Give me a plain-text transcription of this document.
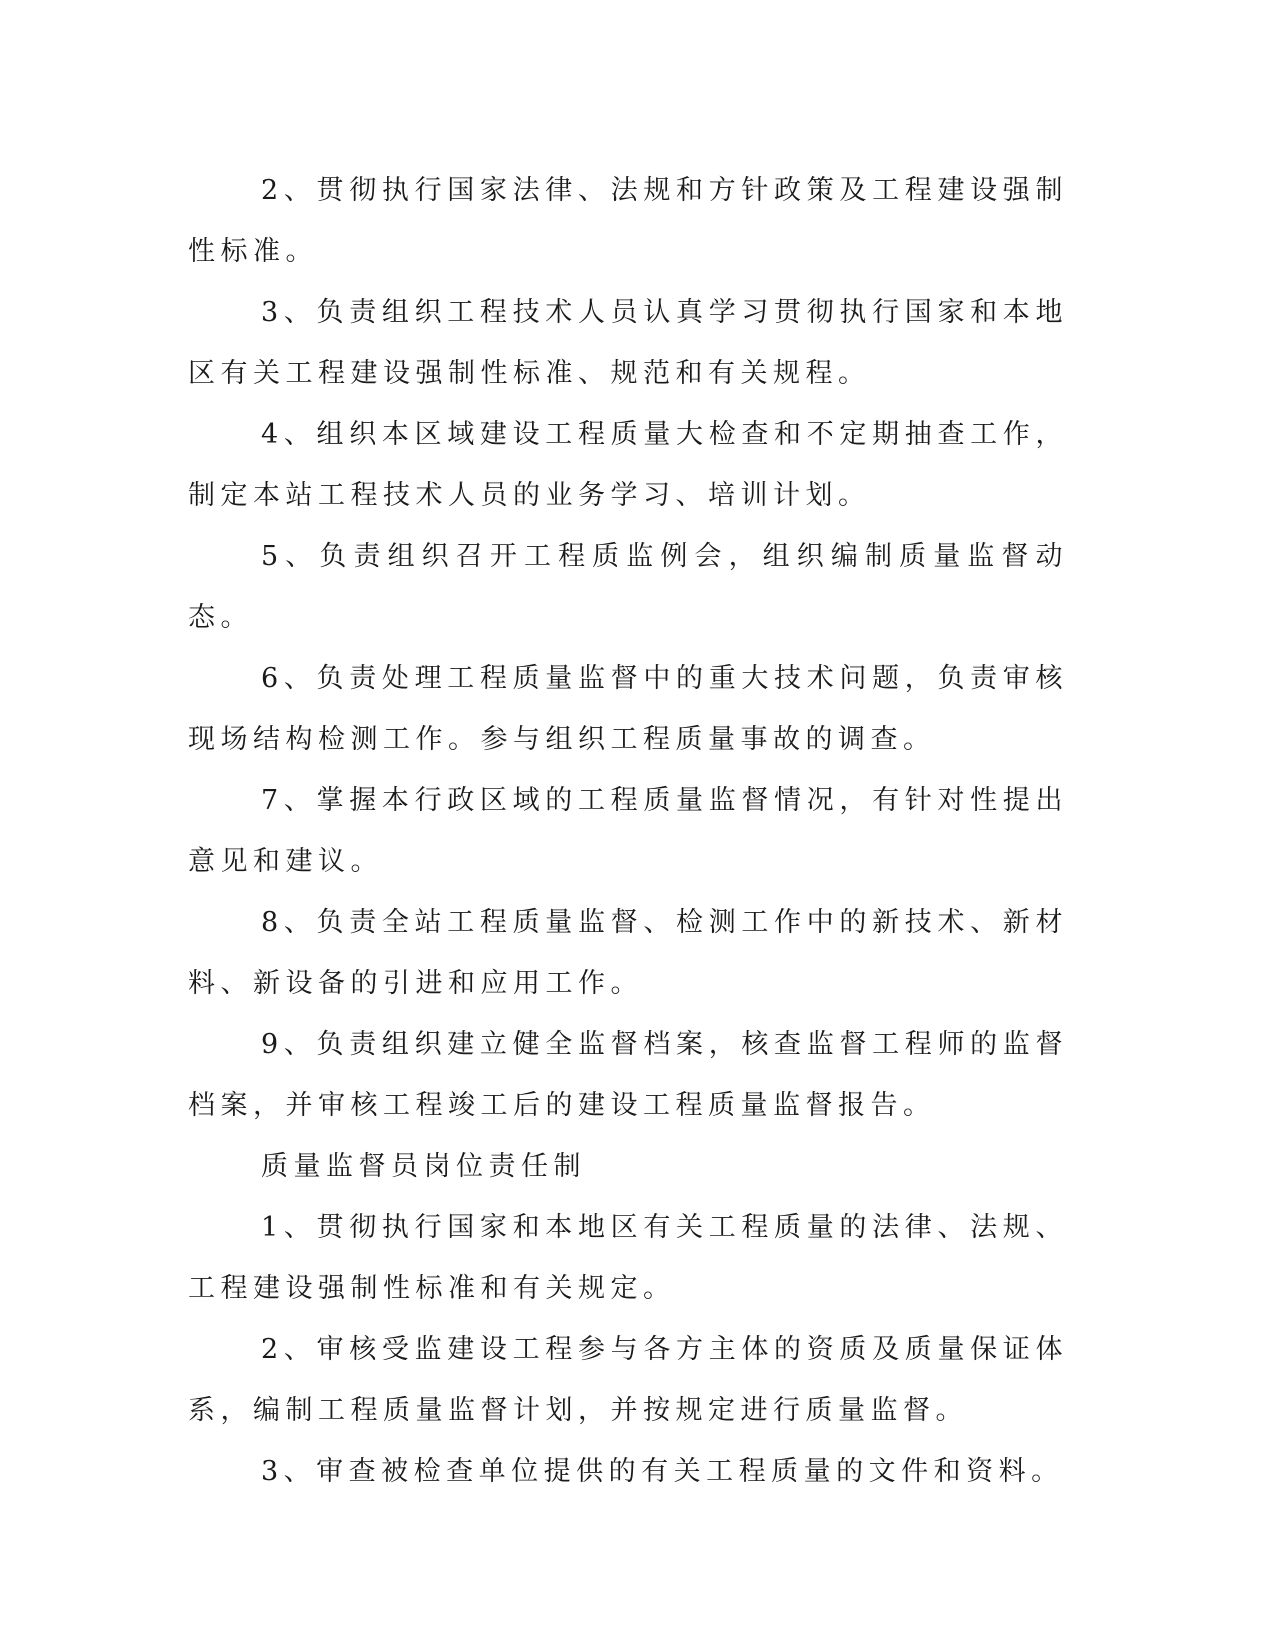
2、贯彻执行国家法律、法规和方针政策及工程建设强制性标准。

3、负责组织工程技术人员认真学习贯彻执行国家和本地区有关工程建设强制性标准、规范和有关规程。

4、组织本区域建设工程质量大检查和不定期抽查工作，制定本站工程技术人员的业务学习、培训计划。

5、负责组织召开工程质监例会，组织编制质量监督动态。

6、负责处理工程质量监督中的重大技术问题，负责审核现场结构检测工作。参与组织工程质量事故的调查。

7、掌握本行政区域的工程质量监督情况，有针对性提出意见和建议。

8、负责全站工程质量监督、检测工作中的新技术、新材料、新设备的引进和应用工作。

9、负责组织建立健全监督档案，核查监督工程师的监督档案，并审核工程竣工后的建设工程质量监督报告。

质量监督员岗位责任制

1、贯彻执行国家和本地区有关工程质量的法律、法规、工程建设强制性标准和有关规定。

2、审核受监建设工程参与各方主体的资质及质量保证体系，编制工程质量监督计划，并按规定进行质量监督。

3、审查被检查单位提供的有关工程质量的文件和资料。
